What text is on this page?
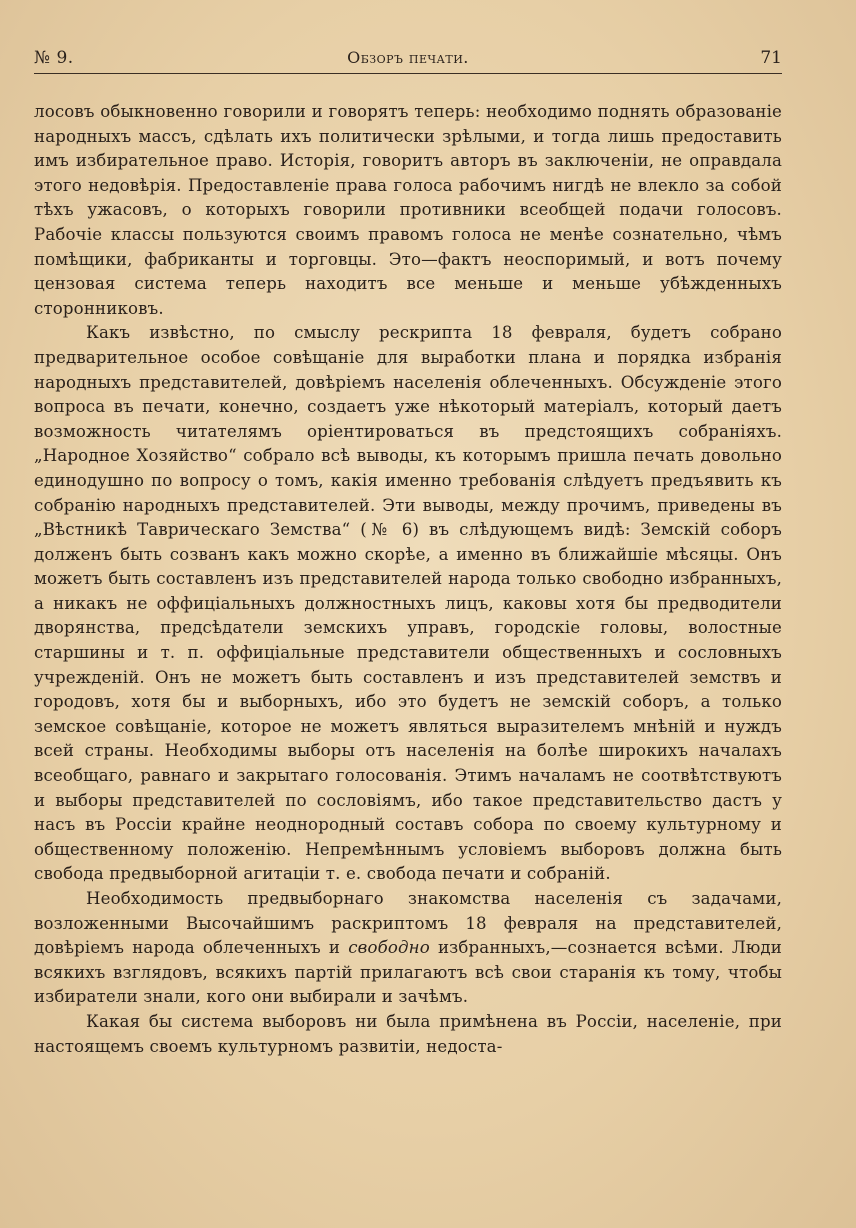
№ 9.	Обзоръ печати.	71

лосовъ обыкновенно говорили и говорятъ теперь: необходимо поднять образованіе народныхъ массъ, сдѣлать ихъ политически зрѣлыми, и тогда лишь предоставить имъ избирательное право. Исторія, говоритъ авторъ въ заключеніи, не оправдала этого недовѣрія. Предоставленіе права голоса рабочимъ нигдѣ не влекло за собой тѣхъ ужасовъ, о которыхъ говорили противники всеобщей подачи голосовъ. Рабочіе классы пользуются своимъ правомъ голоса не менѣе сознательно, чѣмъ помѣщики, фабриканты и торговцы. Это—фактъ неоспоримый, и вотъ почему цензовая система теперь находитъ все меньше и меньше убѣжденныхъ сторонниковъ.

Какъ извѣстно, по смыслу рескрипта 18 февраля, будетъ собрано предварительное особое совѣщаніе для выработки плана и порядка избранія народныхъ представителей, довѣріемъ населенія облеченныхъ. Обсужденіе этого вопроса въ печати, конечно, создаетъ уже нѣкоторый матеріалъ, который даетъ возможность читателямъ оріентироваться въ предстоящихъ собраніяхъ. „Народное Хозяйство“ собрало всѣ выводы, къ которымъ пришла печать довольно единодушно по вопросу о томъ, какія именно требованія слѣдуетъ предъявить къ собранію народныхъ представителей. Эти выводы, между прочимъ, приведены въ „Вѣстникѣ Таврическаго Земства“ (№ 6) въ слѣдующемъ видѣ: Земскій соборъ долженъ быть созванъ какъ можно скорѣе, а именно въ ближайшіе мѣсяцы. Онъ можетъ быть составленъ изъ представителей народа только свободно избранныхъ, а никакъ не оффиціальныхъ должностныхъ лицъ, каковы хотя бы предводители дворянства, предсѣдатели земскихъ управъ, городскіе головы, волостные старшины и т. п. оффиціальные представители общественныхъ и сословныхъ учрежденій. Онъ не можетъ быть составленъ и изъ представителей земствъ и городовъ, хотя бы и выборныхъ, ибо это будетъ не земскій соборъ, а только земское совѣщаніе, которое не можетъ являться выразителемъ мнѣній и нуждъ всей страны. Необходимы выборы отъ населенія на болѣе широкихъ началахъ всеобщаго, равнаго и закрытаго голосованія. Этимъ началамъ не соотвѣтствуютъ и выборы представителей по сословіямъ, ибо такое представительство дастъ у насъ въ Россіи крайне неоднородный составъ собора по своему культурному и общественному положенію. Непремѣннымъ условіемъ выборовъ должна быть свобода предвыборной агитаціи т. е. свобода печати и собраній.

Необходимость предвыборнаго знакомства населенія съ задачами, возложенными Высочайшимъ раскриптомъ 18 февраля на представителей, довѣріемъ народа облеченныхъ и свободно избранныхъ,—сознается всѣми. Люди всякихъ взглядовъ, всякихъ партій прилагаютъ всѣ свои старанія къ тому, чтобы избиратели знали, кого они выбирали и зачѣмъ.

Какая бы система выборовъ ни была примѣнена въ Россіи, населеніе, при настоящемъ своемъ культурномъ развитіи, недоста-
